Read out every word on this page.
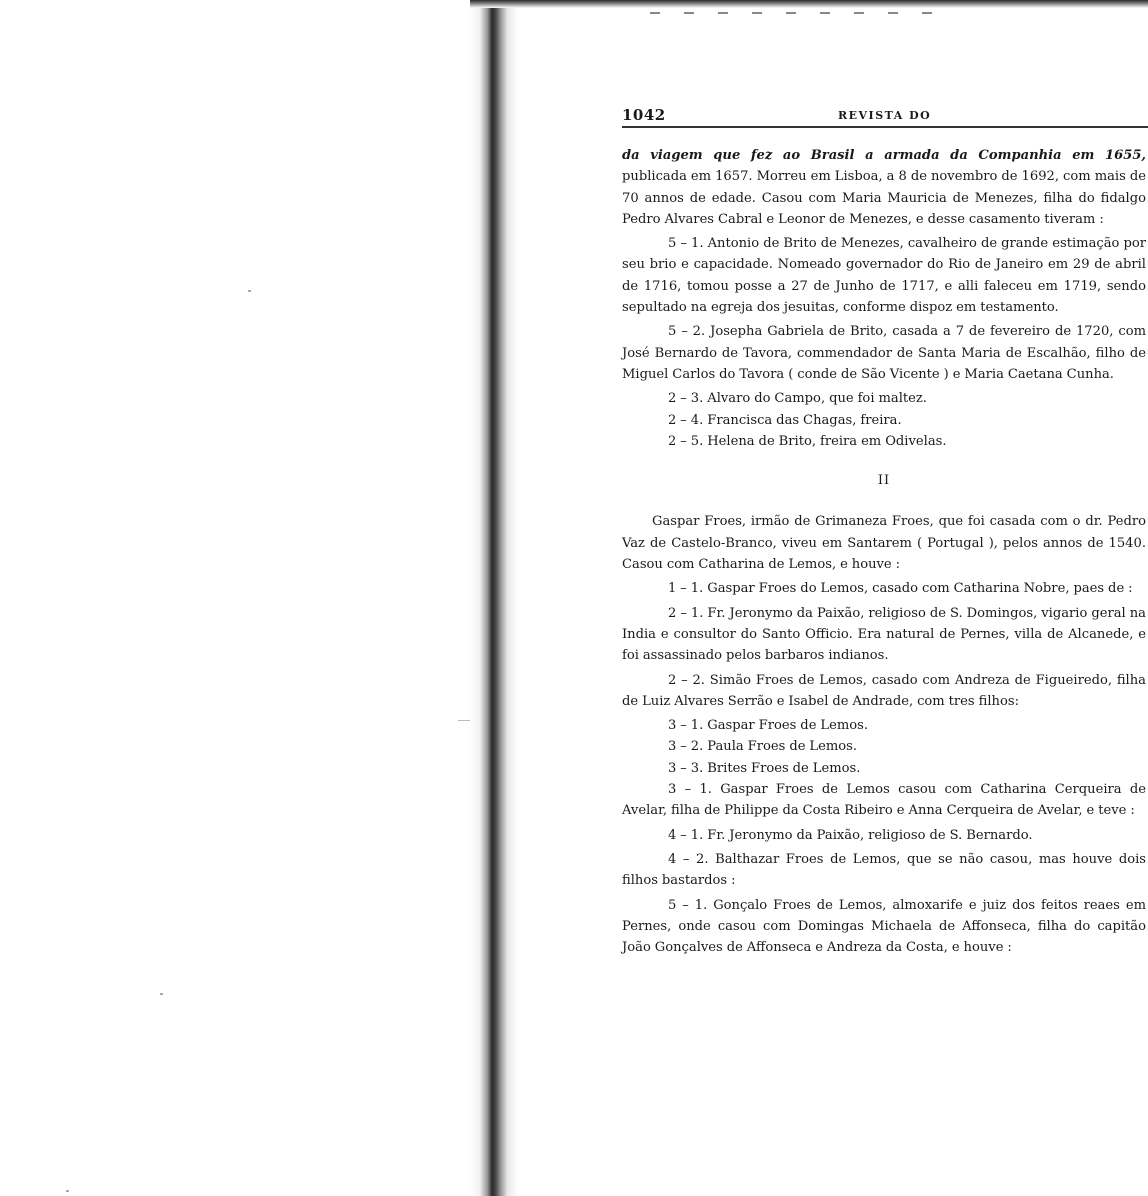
1042	REVISTA DO

da viagem que fez ao Brasil a armada da Companhia em 1655, publicada em 1657. Morreu em Lisboa, a 8 de novembro de 1692, com mais de 70 annos de edade. Casou com Maria Mauricia de Menezes, filha do fidalgo Pedro Alvares Cabral e Leonor de Menezes, e desse casamento tiveram :

5 – 1. Antonio de Brito de Menezes, cavalheiro de grande estimação por seu brio e capacidade. Nomeado governador do Rio de Janeiro em 29 de abril de 1716, tomou posse a 27 de Junho de 1717, e alli faleceu em 1719, sendo sepultado na egreja dos jesuitas, conforme dispoz em testamento.

5 – 2. Josepha Gabriela de Brito, casada a 7 de fevereiro de 1720, com José Bernardo de Tavora, commendador de Santa Maria de Escalhão, filho de Miguel Carlos do Tavora ( conde de São Vicente ) e Maria Caetana Cunha.

2 – 3. Alvaro do Campo, que foi maltez.

2 – 4. Francisca das Chagas, freira.

2 – 5. Helena de Brito, freira em Odivelas.

II

Gaspar Froes, irmão de Grimaneza Froes, que foi casada com o dr. Pedro Vaz de Castelo-Branco, viveu em Santarem ( Portugal ), pelos annos de 1540. Casou com Catharina de Lemos, e houve :

1 – 1. Gaspar Froes do Lemos, casado com Catharina Nobre, paes de :

2 – 1. Fr. Jeronymo da Paixão, religioso de S. Domingos, vigario geral na India e consultor do Santo Officio. Era natural de Pernes, villa de Alcanede, e foi assassinado pelos barbaros indianos.

2 – 2. Simão Froes de Lemos, casado com Andreza de Figueiredo, filha de Luiz Alvares Serrão e Isabel de Andrade, com tres filhos:

3 – 1. Gaspar Froes de Lemos.

3 – 2. Paula Froes de Lemos.

3 – 3. Brites Froes de Lemos.

3 – 1. Gaspar Froes de Lemos casou com Catharina Cerqueira de Avelar, filha de Philippe da Costa Ribeiro e Anna Cerqueira de Avelar, e teve :

4 – 1. Fr. Jeronymo da Paixão, religioso de S. Bernardo.

4 – 2. Balthazar Froes de Lemos, que se não casou, mas houve dois filhos bastardos :

5 – 1. Gonçalo Froes de Lemos, almoxarife e juiz dos feitos reaes em Pernes, onde casou com Domingas Michaela de Affonseca, filha do capitão João Gonçalves de Affonseca e Andreza da Costa, e houve :
